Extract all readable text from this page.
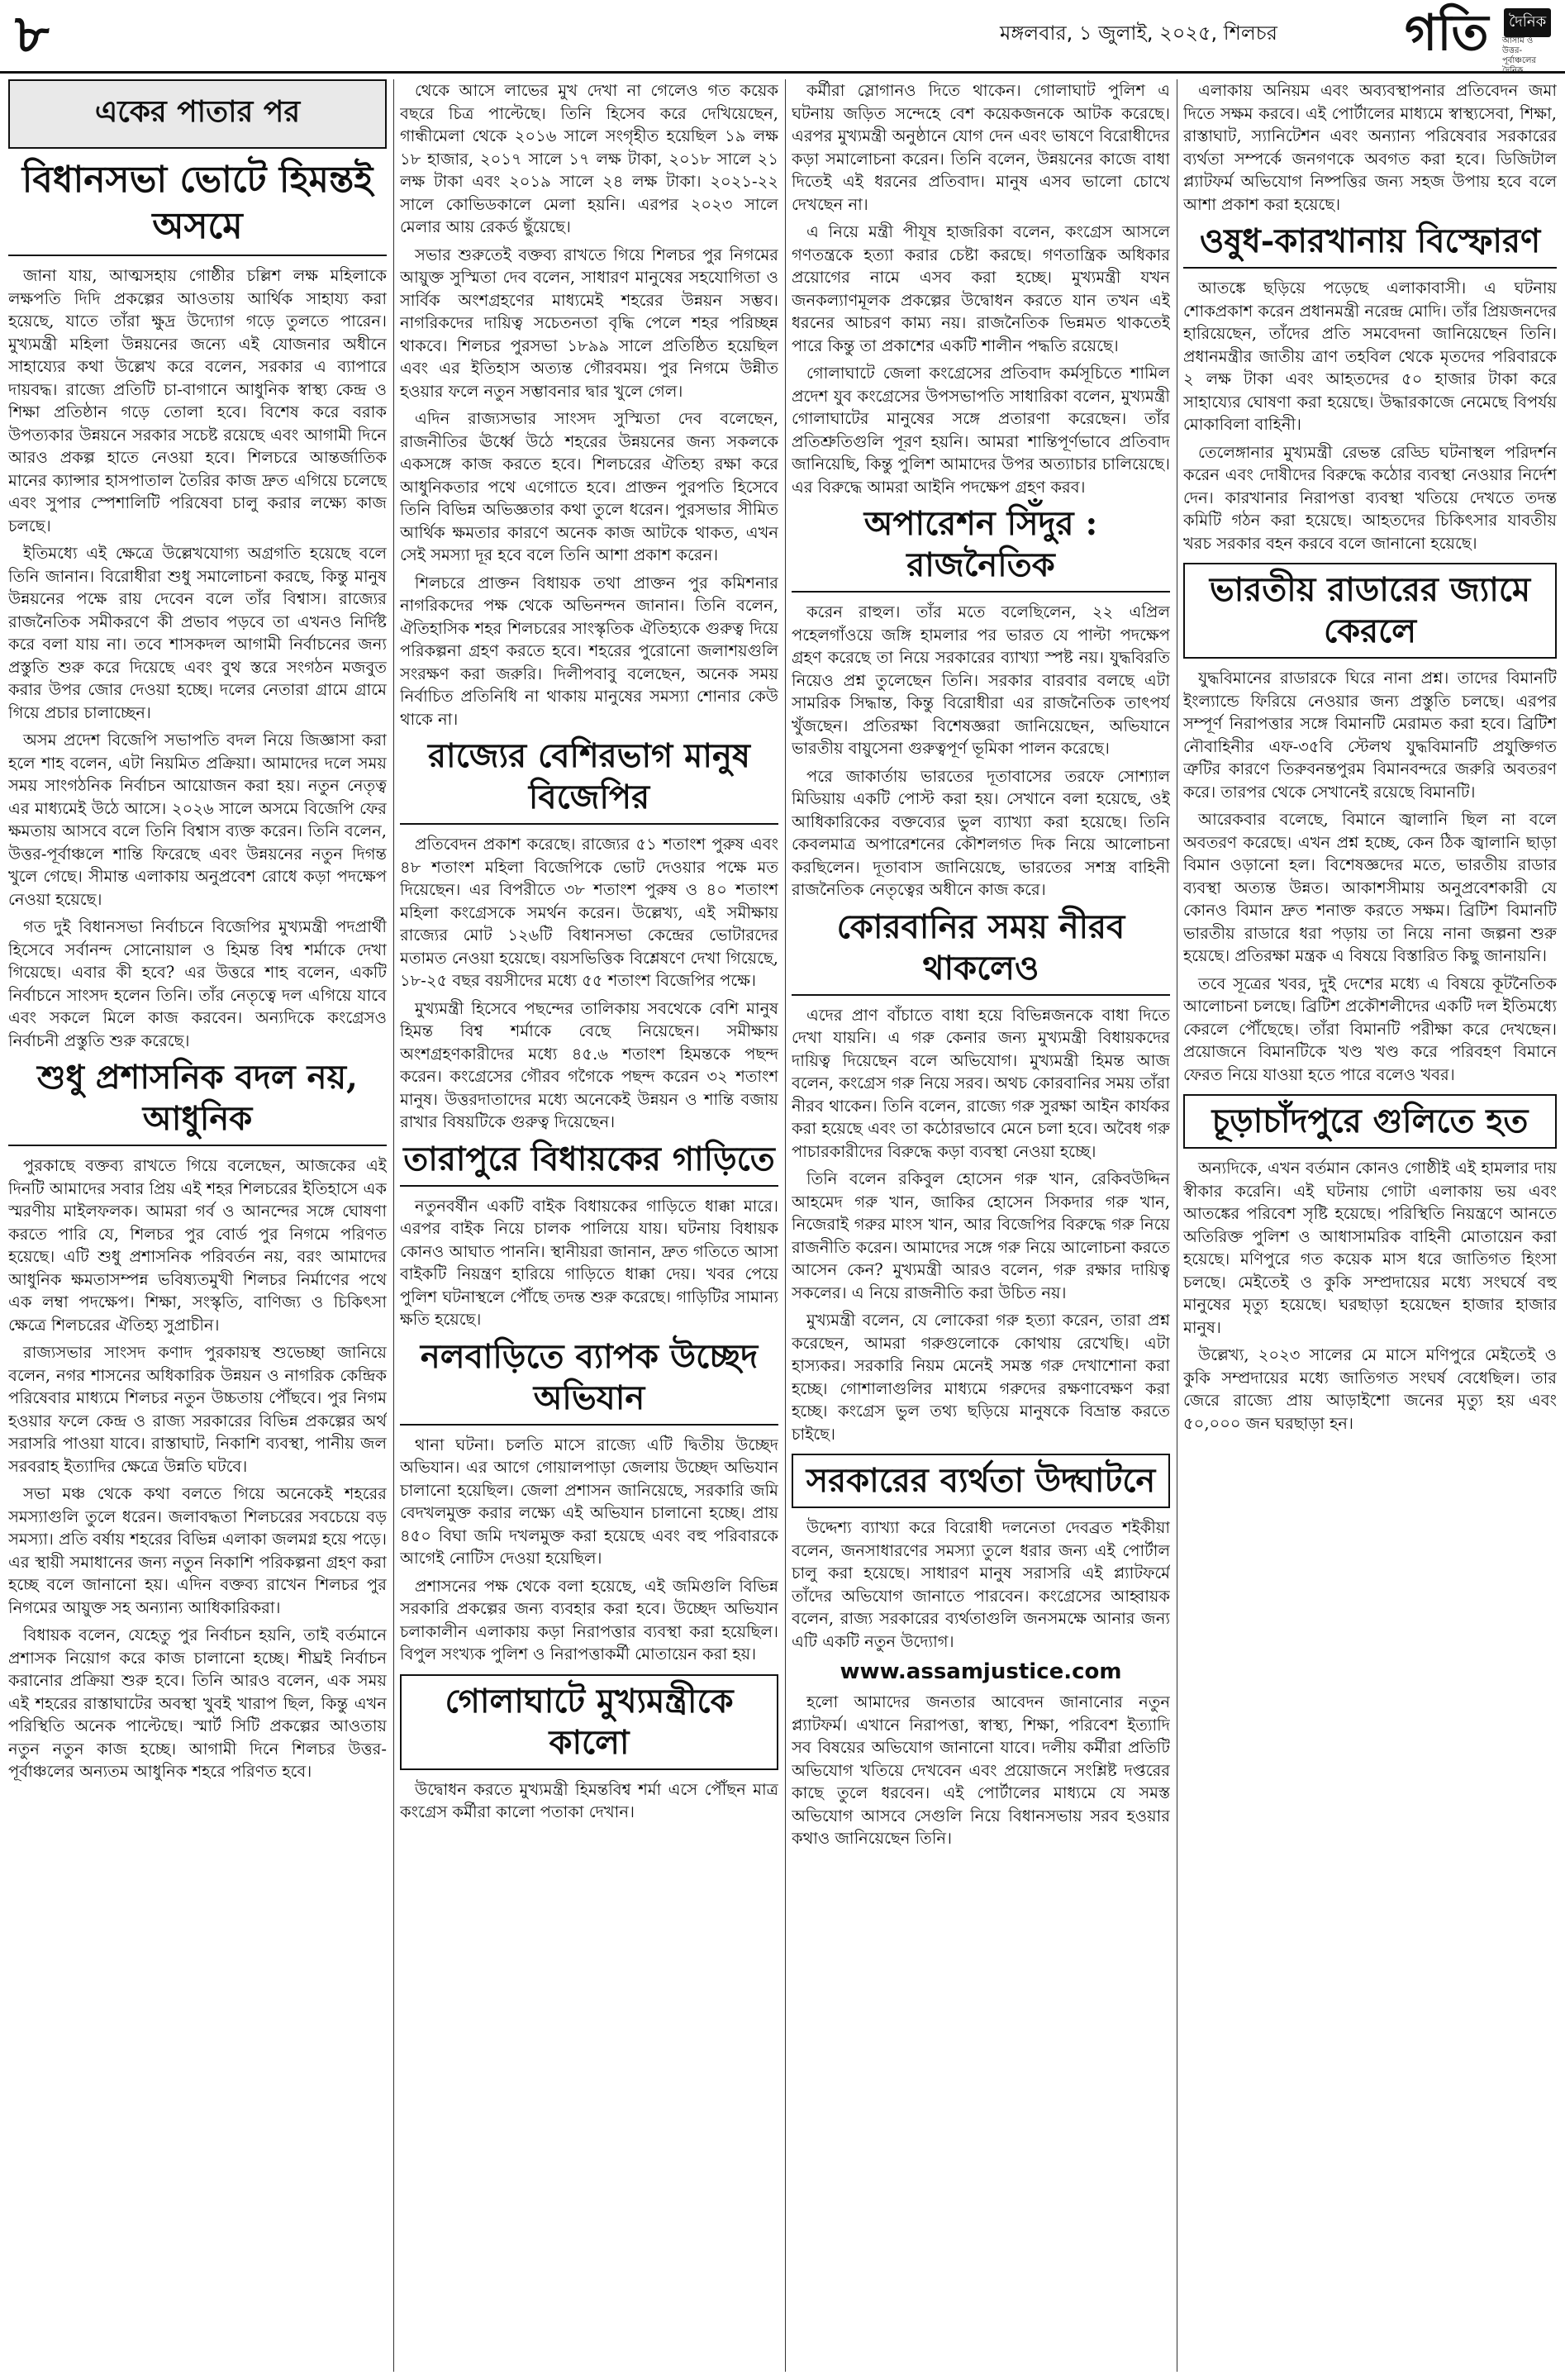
৮	মঙ্গলবার, ১ জুলাই, ২০২৫, শিলচর	গতি	দৈনিক
আসাম ও উত্তর-পূর্বাঞ্চলের দৈনিক
একের পাতার পর
বিধানসভা ভোটে হিমন্তই অসমে

জানা যায়, আত্মসহায় গোষ্ঠীর চল্লিশ লক্ষ মহিলাকে লক্ষপতি দিদি প্রকল্পের আওতায় আর্থিক সাহায্য করা হয়েছে, যাতে তাঁরা ক্ষুদ্র উদ্যোগ গড়ে তুলতে পারেন। মুখ্যমন্ত্রী মহিলা উন্নয়নের জন্যে এই যোজনার অধীনে সাহায্যের কথা উল্লেখ করে বলেন, সরকার এ ব্যাপারে দায়বদ্ধ। রাজ্যে প্রতিটি চা-বাগানে আধুনিক স্বাস্থ্য কেন্দ্র ও শিক্ষা প্রতিষ্ঠান গড়ে তোলা হবে। বিশেষ করে বরাক উপত্যকার উন্নয়নে সরকার সচেষ্ট রয়েছে এবং আগামী দিনে আরও প্রকল্প হাতে নেওয়া হবে। শিলচরে আন্তর্জাতিক মানের ক্যান্সার হাসপাতাল তৈরির কাজ দ্রুত এগিয়ে চলেছে এবং সুপার স্পেশালিটি পরিষেবা চালু করার লক্ষ্যে কাজ চলছে।

ইতিমধ্যে এই ক্ষেত্রে উল্লেখযোগ্য অগ্রগতি হয়েছে বলে তিনি জানান। বিরোধীরা শুধু সমালোচনা করছে, কিন্তু মানুষ উন্নয়নের পক্ষে রায় দেবেন বলে তাঁর বিশ্বাস। রাজ্যের রাজনৈতিক সমীকরণে কী প্রভাব পড়বে তা এখনও নির্দিষ্ট করে বলা যায় না। তবে শাসকদল আগামী নির্বাচনের জন্য প্রস্তুতি শুরু করে দিয়েছে এবং বুথ স্তরে সংগঠন মজবুত করার উপর জোর দেওয়া হচ্ছে। দলের নেতারা গ্রামে গ্রামে গিয়ে প্রচার চালাচ্ছেন।

অসম প্রদেশ বিজেপি সভাপতি বদল নিয়ে জিজ্ঞাসা করা হলে শাহ বলেন, এটা নিয়মিত প্রক্রিয়া। আমাদের দলে সময় সময় সাংগঠনিক নির্বাচন আয়োজন করা হয়। নতুন নেতৃত্ব এর মাধ্যমেই উঠে আসে। ২০২৬ সালে অসমে বিজেপি ফের ক্ষমতায় আসবে বলে তিনি বিশ্বাস ব্যক্ত করেন। তিনি বলেন, উত্তর-পূর্বাঞ্চলে শান্তি ফিরেছে এবং উন্নয়নের নতুন দিগন্ত খুলে গেছে। সীমান্ত এলাকায় অনুপ্রবেশ রোধে কড়া পদক্ষেপ নেওয়া হয়েছে।

গত দুই বিধানসভা নির্বাচনে বিজেপির মুখ্যমন্ত্রী পদপ্রার্থী হিসেবে সর্বানন্দ সোনোয়াল ও হিমন্ত বিশ্ব শর্মাকে দেখা গিয়েছে। এবার কী হবে? এর উত্তরে শাহ বলেন, একটি নির্বাচনে সাংসদ হলেন তিনি। তাঁর নেতৃত্বে দল এগিয়ে যাবে এবং সকলে মিলে কাজ করবেন। অন্যদিকে কংগ্রেসও নির্বাচনী প্রস্তুতি শুরু করেছে।

শুধু প্রশাসনিক বদল নয়, আধুনিক

পুরকাছে বক্তব্য রাখতে গিয়ে বলেছেন, আজকের এই দিনটি আমাদের সবার প্রিয় এই শহর শিলচরের ইতিহাসে এক স্মরণীয় মাইলফলক। আমরা গর্ব ও আনন্দের সঙ্গে ঘোষণা করতে পারি যে, শিলচর পুর বোর্ড পুর নিগমে পরিণত হয়েছে। এটি শুধু প্রশাসনিক পরিবর্তন নয়, বরং আমাদের আধুনিক ক্ষমতাসম্পন্ন ভবিষ্যতমুখী শিলচর নির্মাণের পথে এক লম্বা পদক্ষেপ। শিক্ষা, সংস্কৃতি, বাণিজ্য ও চিকিৎসা ক্ষেত্রে শিলচরের ঐতিহ্য সুপ্রাচীন।

রাজ্যসভার সাংসদ কণাদ পুরকায়স্থ শুভেচ্ছা জানিয়ে বলেন, নগর শাসনের অধিকারিক উন্নয়ন ও নাগরিক কেন্দ্রিক পরিষেবার মাধ্যমে শিলচর নতুন উচ্চতায় পৌঁছবে। পুর নিগম হওয়ার ফলে কেন্দ্র ও রাজ্য সরকারের বিভিন্ন প্রকল্পের অর্থ সরাসরি পাওয়া যাবে। রাস্তাঘাট, নিকাশি ব্যবস্থা, পানীয় জল সরবরাহ ইত্যাদির ক্ষেত্রে উন্নতি ঘটবে।

সভা মঞ্চ থেকে কথা বলতে গিয়ে অনেকেই শহরের সমস্যাগুলি তুলে ধরেন। জলাবদ্ধতা শিলচরের সবচেয়ে বড় সমস্যা। প্রতি বর্ষায় শহরের বিভিন্ন এলাকা জলমগ্ন হয়ে পড়ে। এর স্থায়ী সমাধানের জন্য নতুন নিকাশি পরিকল্পনা গ্রহণ করা হচ্ছে বলে জানানো হয়। এদিন বক্তব্য রাখেন শিলচর পুর নিগমের আয়ুক্ত সহ অন্যান্য আধিকারিকরা।

বিধায়ক বলেন, যেহেতু পুর নির্বাচন হয়নি, তাই বর্তমানে প্রশাসক নিয়োগ করে কাজ চালানো হচ্ছে। শীঘ্রই নির্বাচন করানোর প্রক্রিয়া শুরু হবে। তিনি আরও বলেন, এক সময় এই শহরের রাস্তাঘাটের অবস্থা খুবই খারাপ ছিল, কিন্তু এখন পরিস্থিতি অনেক পাল্টেছে। স্মার্ট সিটি প্রকল্পের আওতায় নতুন নতুন কাজ হচ্ছে। আগামী দিনে শিলচর উত্তর-পূর্বাঞ্চলের অন্যতম আধুনিক শহরে পরিণত হবে।

থেকে আসে লাভের মুখ দেখা না গেলেও গত কয়েক বছরে চিত্র পাল্টেছে। তিনি হিসেব করে দেখিয়েছেন, গান্ধীমেলা থেকে ২০১৬ সালে সংগৃহীত হয়েছিল ১৯ লক্ষ ১৮ হাজার, ২০১৭ সালে ১৭ লক্ষ টাকা, ২০১৮ সালে ২১ লক্ষ টাকা এবং ২০১৯ সালে ২৪ লক্ষ টাকা। ২০২১-২২ সালে কোভিডকালে মেলা হয়নি। এরপর ২০২৩ সালে মেলার আয় রেকর্ড ছুঁয়েছে।

সভার শুরুতেই বক্তব্য রাখতে গিয়ে শিলচর পুর নিগমের আয়ুক্ত সুস্মিতা দেব বলেন, সাধারণ মানুষের সহযোগিতা ও সার্বিক অংশগ্রহণের মাধ্যমেই শহরের উন্নয়ন সম্ভব। নাগরিকদের দায়িত্ব সচেতনতা বৃদ্ধি পেলে শহর পরিচ্ছন্ন থাকবে। শিলচর পুরসভা ১৮৯৯ সালে প্রতিষ্ঠিত হয়েছিল এবং এর ইতিহাস অত্যন্ত গৌরবময়। পুর নিগমে উন্নীত হওয়ার ফলে নতুন সম্ভাবনার দ্বার খুলে গেল।

এদিন রাজ্যসভার সাংসদ সুস্মিতা দেব বলেছেন, রাজনীতির ঊর্ধ্বে উঠে শহরের উন্নয়নের জন্য সকলকে একসঙ্গে কাজ করতে হবে। শিলচরের ঐতিহ্য রক্ষা করে আধুনিকতার পথে এগোতে হবে। প্রাক্তন পুরপতি হিসেবে তিনি বিভিন্ন অভিজ্ঞতার কথা তুলে ধরেন। পুরসভার সীমিত আর্থিক ক্ষমতার কারণে অনেক কাজ আটকে থাকত, এখন সেই সমস্যা দূর হবে বলে তিনি আশা প্রকাশ করেন।

শিলচরে প্রাক্তন বিধায়ক তথা প্রাক্তন পুর কমিশনার নাগরিকদের পক্ষ থেকে অভিনন্দন জানান। তিনি বলেন, ঐতিহাসিক শহর শিলচরের সাংস্কৃতিক ঐতিহ্যকে গুরুত্ব দিয়ে পরিকল্পনা গ্রহণ করতে হবে। শহরের পুরোনো জলাশয়গুলি সংরক্ষণ করা জরুরি। দিলীপবাবু বলেছেন, অনেক সময় নির্বাচিত প্রতিনিধি না থাকায় মানুষের সমস্যা শোনার কেউ থাকে না।

রাজ্যের বেশিরভাগ মানুষ বিজেপির

প্রতিবেদন প্রকাশ করেছে। রাজ্যের ৫১ শতাংশ পুরুষ এবং ৪৮ শতাংশ মহিলা বিজেপিকে ভোট দেওয়ার পক্ষে মত দিয়েছেন। এর বিপরীতে ৩৮ শতাংশ পুরুষ ও ৪০ শতাংশ মহিলা কংগ্রেসকে সমর্থন করেন। উল্লেখ্য, এই সমীক্ষায় রাজ্যের মোট ১২৬টি বিধানসভা কেন্দ্রের ভোটারদের মতামত নেওয়া হয়েছে। বয়সভিত্তিক বিশ্লেষণে দেখা গিয়েছে, ১৮-২৫ বছর বয়সীদের মধ্যে ৫৫ শতাংশ বিজেপির পক্ষে।

মুখ্যমন্ত্রী হিসেবে পছন্দের তালিকায় সবথেকে বেশি মানুষ হিমন্ত বিশ্ব শর্মাকে বেছে নিয়েছেন। সমীক্ষায় অংশগ্রহণকারীদের মধ্যে ৪৫.৬ শতাংশ হিমন্তকে পছন্দ করেন। কংগ্রেসের গৌরব গগৈকে পছন্দ করেন ৩২ শতাংশ মানুষ। উত্তরদাতাদের মধ্যে অনেকেই উন্নয়ন ও শান্তি বজায় রাখার বিষয়টিকে গুরুত্ব দিয়েছেন।

তারাপুরে বিধায়কের গাড়িতে

নতুনবর্ষীন একটি বাইক বিধায়কের গাড়িতে ধাক্কা মারে। এরপর বাইক নিয়ে চালক পালিয়ে যায়। ঘটনায় বিধায়ক কোনও আঘাত পাননি। স্থানীয়রা জানান, দ্রুত গতিতে আসা বাইকটি নিয়ন্ত্রণ হারিয়ে গাড়িতে ধাক্কা দেয়। খবর পেয়ে পুলিশ ঘটনাস্থলে পৌঁছে তদন্ত শুরু করেছে। গাড়িটির সামান্য ক্ষতি হয়েছে।

নলবাড়িতে ব্যাপক উচ্ছেদ অভিযান

থানা ঘটনা। চলতি মাসে রাজ্যে এটি দ্বিতীয় উচ্ছেদ অভিযান। এর আগে গোয়ালপাড়া জেলায় উচ্ছেদ অভিযান চালানো হয়েছিল। জেলা প্রশাসন জানিয়েছে, সরকারি জমি বেদখলমুক্ত করার লক্ষ্যে এই অভিযান চালানো হচ্ছে। প্রায় ৪৫০ বিঘা জমি দখলমুক্ত করা হয়েছে এবং বহু পরিবারকে আগেই নোটিস দেওয়া হয়েছিল।

প্রশাসনের পক্ষ থেকে বলা হয়েছে, এই জমিগুলি বিভিন্ন সরকারি প্রকল্পের জন্য ব্যবহার করা হবে। উচ্ছেদ অভিযান চলাকালীন এলাকায় কড়া নিরাপত্তার ব্যবস্থা করা হয়েছিল। বিপুল সংখ্যক পুলিশ ও নিরাপত্তাকর্মী মোতায়েন করা হয়।

গোলাঘাটে মুখ্যমন্ত্রীকে কালো

উদ্বোধন করতে মুখ্যমন্ত্রী হিমন্তবিশ্ব শর্মা এসে পৌঁছন মাত্র কংগ্রেস কর্মীরা কালো পতাকা দেখান।

কর্মীরা স্লোগানও দিতে থাকেন। গোলাঘাট পুলিশ এ ঘটনায় জড়িত সন্দেহে বেশ কয়েকজনকে আটক করেছে। এরপর মুখ্যমন্ত্রী অনুষ্ঠানে যোগ দেন এবং ভাষণে বিরোধীদের কড়া সমালোচনা করেন। তিনি বলেন, উন্নয়নের কাজে বাধা দিতেই এই ধরনের প্রতিবাদ। মানুষ এসব ভালো চোখে দেখছেন না।

এ নিয়ে মন্ত্রী পীযূষ হাজরিকা বলেন, কংগ্রেস আসলে গণতন্ত্রকে হত্যা করার চেষ্টা করছে। গণতান্ত্রিক অধিকার প্রয়োগের নামে এসব করা হচ্ছে। মুখ্যমন্ত্রী যখন জনকল্যাণমূলক প্রকল্পের উদ্বোধন করতে যান তখন এই ধরনের আচরণ কাম্য নয়। রাজনৈতিক ভিন্নমত থাকতেই পারে কিন্তু তা প্রকাশের একটি শালীন পদ্ধতি রয়েছে।

গোলাঘাটে জেলা কংগ্রেসের প্রতিবাদ কর্মসূচিতে শামিল প্রদেশ যুব কংগ্রেসের উপসভাপতি সাধারিকা বলেন, মুখ্যমন্ত্রী গোলাঘাটের মানুষের সঙ্গে প্রতারণা করেছেন। তাঁর প্রতিশ্রুতিগুলি পূরণ হয়নি। আমরা শান্তিপূর্ণভাবে প্রতিবাদ জানিয়েছি, কিন্তু পুলিশ আমাদের উপর অত্যাচার চালিয়েছে। এর বিরুদ্ধে আমরা আইনি পদক্ষেপ গ্রহণ করব।

অপারেশন সিঁদুর : রাজনৈতিক

করেন রাহুল। তাঁর মতে বলেছিলেন, ২২ এপ্রিল পহেলগাঁওয়ে জঙ্গি হামলার পর ভারত যে পাল্টা পদক্ষেপ গ্রহণ করেছে তা নিয়ে সরকারের ব্যাখ্যা স্পষ্ট নয়। যুদ্ধবিরতি নিয়েও প্রশ্ন তুলেছেন তিনি। সরকার বারবার বলছে এটা সামরিক সিদ্ধান্ত, কিন্তু বিরোধীরা এর রাজনৈতিক তাৎপর্য খুঁজছেন। প্রতিরক্ষা বিশেষজ্ঞরা জানিয়েছেন, অভিযানে ভারতীয় বায়ুসেনা গুরুত্বপূর্ণ ভূমিকা পালন করেছে।

পরে জাকার্তায় ভারতের দূতাবাসের তরফে সোশ্যাল মিডিয়ায় একটি পোস্ট করা হয়। সেখানে বলা হয়েছে, ওই আধিকারিকের বক্তব্যের ভুল ব্যাখ্যা করা হয়েছে। তিনি কেবলমাত্র অপারেশনের কৌশলগত দিক নিয়ে আলোচনা করছিলেন। দূতাবাস জানিয়েছে, ভারতের সশস্ত্র বাহিনী রাজনৈতিক নেতৃত্বের অধীনে কাজ করে।

কোরবানির সময় নীরব থাকলেও

এদের প্রাণ বাঁচাতে বাধা হয়ে বিভিন্নজনকে বাধা দিতে দেখা যায়নি। এ গরু কেনার জন্য মুখ্যমন্ত্রী বিধায়কদের দায়িত্ব দিয়েছেন বলে অভিযোগ। মুখ্যমন্ত্রী হিমন্ত আজ বলেন, কংগ্রেস গরু নিয়ে সরব। অথচ কোরবানির সময় তাঁরা নীরব থাকেন। তিনি বলেন, রাজ্যে গরু সুরক্ষা আইন কার্যকর করা হয়েছে এবং তা কঠোরভাবে মেনে চলা হবে। অবৈধ গরু পাচারকারীদের বিরুদ্ধে কড়া ব্যবস্থা নেওয়া হচ্ছে।

তিনি বলেন রকিবুল হোসেন গরু খান, রেকিবউদ্দিন আহমেদ গরু খান, জাকির হোসেন সিকদার গরু খান, নিজেরাই গরুর মাংস খান, আর বিজেপির বিরুদ্ধে গরু নিয়ে রাজনীতি করেন। আমাদের সঙ্গে গরু নিয়ে আলোচনা করতে আসেন কেন? মুখ্যমন্ত্রী আরও বলেন, গরু রক্ষার দায়িত্ব সকলের। এ নিয়ে রাজনীতি করা উচিত নয়।

মুখ্যমন্ত্রী বলেন, যে লোকেরা গরু হত্যা করেন, তারা প্রশ্ন করেছেন, আমরা গরুগুলোকে কোথায় রেখেছি। এটা হাস্যকর। সরকারি নিয়ম মেনেই সমস্ত গরু দেখাশোনা করা হচ্ছে। গোশালাগুলির মাধ্যমে গরুদের রক্ষণাবেক্ষণ করা হচ্ছে। কংগ্রেস ভুল তথ্য ছড়িয়ে মানুষকে বিভ্রান্ত করতে চাইছে।

সরকারের ব্যর্থতা উদ্ঘাটনে

উদ্দেশ্য ব্যাখ্যা করে বিরোধী দলনেতা দেবব্রত শইকীয়া বলেন, জনসাধারণের সমস্যা তুলে ধরার জন্য এই পোর্টাল চালু করা হয়েছে। সাধারণ মানুষ সরাসরি এই প্ল্যাটফর্মে তাঁদের অভিযোগ জানাতে পারবেন। কংগ্রেসের আহ্বায়ক বলেন, রাজ্য সরকারের ব্যর্থতাগুলি জনসমক্ষে আনার জন্য এটি একটি নতুন উদ্যোগ।

www.assamjustice.com

হলো আমাদের জনতার আবেদন জানানোর নতুন প্ল্যাটফর্ম। এখানে নিরাপত্তা, স্বাস্থ্য, শিক্ষা, পরিবেশ ইত্যাদি সব বিষয়ের অভিযোগ জানানো যাবে। দলীয় কর্মীরা প্রতিটি অভিযোগ খতিয়ে দেখবেন এবং প্রয়োজনে সংশ্লিষ্ট দপ্তরের কাছে তুলে ধরবেন। এই পোর্টালের মাধ্যমে যে সমস্ত অভিযোগ আসবে সেগুলি নিয়ে বিধানসভায় সরব হওয়ার কথাও জানিয়েছেন তিনি।

এলাকায় অনিয়ম এবং অব্যবস্থাপনার প্রতিবেদন জমা দিতে সক্ষম করবে। এই পোর্টালের মাধ্যমে স্বাস্থ্যসেবা, শিক্ষা, রাস্তাঘাট, স্যানিটেশন এবং অন্যান্য পরিষেবার সরকারের ব্যর্থতা সম্পর্কে জনগণকে অবগত করা হবে। ডিজিটাল প্ল্যাটফর্ম অভিযোগ নিষ্পত্তির জন্য সহজ উপায় হবে বলে আশা প্রকাশ করা হয়েছে।

ওষুধ-কারখানায় বিস্ফোরণ

আতঙ্কে ছড়িয়ে পড়েছে এলাকাবাসী। এ ঘটনায় শোকপ্রকাশ করেন প্রধানমন্ত্রী নরেন্দ্র মোদি। তাঁর প্রিয়জনদের হারিয়েছেন, তাঁদের প্রতি সমবেদনা জানিয়েছেন তিনি। প্রধানমন্ত্রীর জাতীয় ত্রাণ তহবিল থেকে মৃতদের পরিবারকে ২ লক্ষ টাকা এবং আহতদের ৫০ হাজার টাকা করে সাহায্যের ঘোষণা করা হয়েছে। উদ্ধারকাজে নেমেছে বিপর্যয় মোকাবিলা বাহিনী।

তেলেঙ্গানার মুখ্যমন্ত্রী রেভন্ত রেড্ডি ঘটনাস্থল পরিদর্শন করেন এবং দোষীদের বিরুদ্ধে কঠোর ব্যবস্থা নেওয়ার নির্দেশ দেন। কারখানার নিরাপত্তা ব্যবস্থা খতিয়ে দেখতে তদন্ত কমিটি গঠন করা হয়েছে। আহতদের চিকিৎসার যাবতীয় খরচ সরকার বহন করবে বলে জানানো হয়েছে।

ভারতীয় রাডারের জ্যামে কেরলে

যুদ্ধবিমানের রাডারকে ঘিরে নানা প্রশ্ন। তাদের বিমানটি ইংল্যান্ডে ফিরিয়ে নেওয়ার জন্য প্রস্তুতি চলছে। এরপর সম্পূর্ণ নিরাপত্তার সঙ্গে বিমানটি মেরামত করা হবে। ব্রিটিশ নৌবাহিনীর এফ-৩৫বি স্টেলথ যুদ্ধবিমানটি প্রযুক্তিগত ত্রুটির কারণে তিরুবনন্তপুরম বিমানবন্দরে জরুরি অবতরণ করে। তারপর থেকে সেখানেই রয়েছে বিমানটি।

আরেকবার বলেছে, বিমানে জ্বালানি ছিল না বলে অবতরণ করেছে। এখন প্রশ্ন হচ্ছে, কেন ঠিক জ্বালানি ছাড়া বিমান ওড়ানো হল। বিশেষজ্ঞদের মতে, ভারতীয় রাডার ব্যবস্থা অত্যন্ত উন্নত। আকাশসীমায় অনুপ্রবেশকারী যে কোনও বিমান দ্রুত শনাক্ত করতে সক্ষম। ব্রিটিশ বিমানটি ভারতীয় রাডারে ধরা পড়ায় তা নিয়ে নানা জল্পনা শুরু হয়েছে। প্রতিরক্ষা মন্ত্রক এ বিষয়ে বিস্তারিত কিছু জানায়নি।

তবে সূত্রের খবর, দুই দেশের মধ্যে এ বিষয়ে কূটনৈতিক আলোচনা চলছে। ব্রিটিশ প্রকৌশলীদের একটি দল ইতিমধ্যে কেরলে পৌঁছেছে। তাঁরা বিমানটি পরীক্ষা করে দেখছেন। প্রয়োজনে বিমানটিকে খণ্ড খণ্ড করে পরিবহণ বিমানে ফেরত নিয়ে যাওয়া হতে পারে বলেও খবর।

চূড়াচাঁদপুরে গুলিতে হত

অন্যদিকে, এখন বর্তমান কোনও গোষ্ঠীই এই হামলার দায় স্বীকার করেনি। এই ঘটনায় গোটা এলাকায় ভয় এবং আতঙ্কের পরিবেশ সৃষ্টি হয়েছে। পরিস্থিতি নিয়ন্ত্রণে আনতে অতিরিক্ত পুলিশ ও আধাসামরিক বাহিনী মোতায়েন করা হয়েছে। মণিপুরে গত কয়েক মাস ধরে জাতিগত হিংসা চলছে। মেইতেই ও কুকি সম্প্রদায়ের মধ্যে সংঘর্ষে বহু মানুষের মৃত্যু হয়েছে। ঘরছাড়া হয়েছেন হাজার হাজার মানুষ।

উল্লেখ্য, ২০২৩ সালের মে মাসে মণিপুরে মেইতেই ও কুকি সম্প্রদায়ের মধ্যে জাতিগত সংঘর্ষ বেধেছিল। তার জেরে রাজ্যে প্রায় আড়াইশো জনের মৃত্যু হয় এবং ৫০,০০০ জন ঘরছাড়া হন।
